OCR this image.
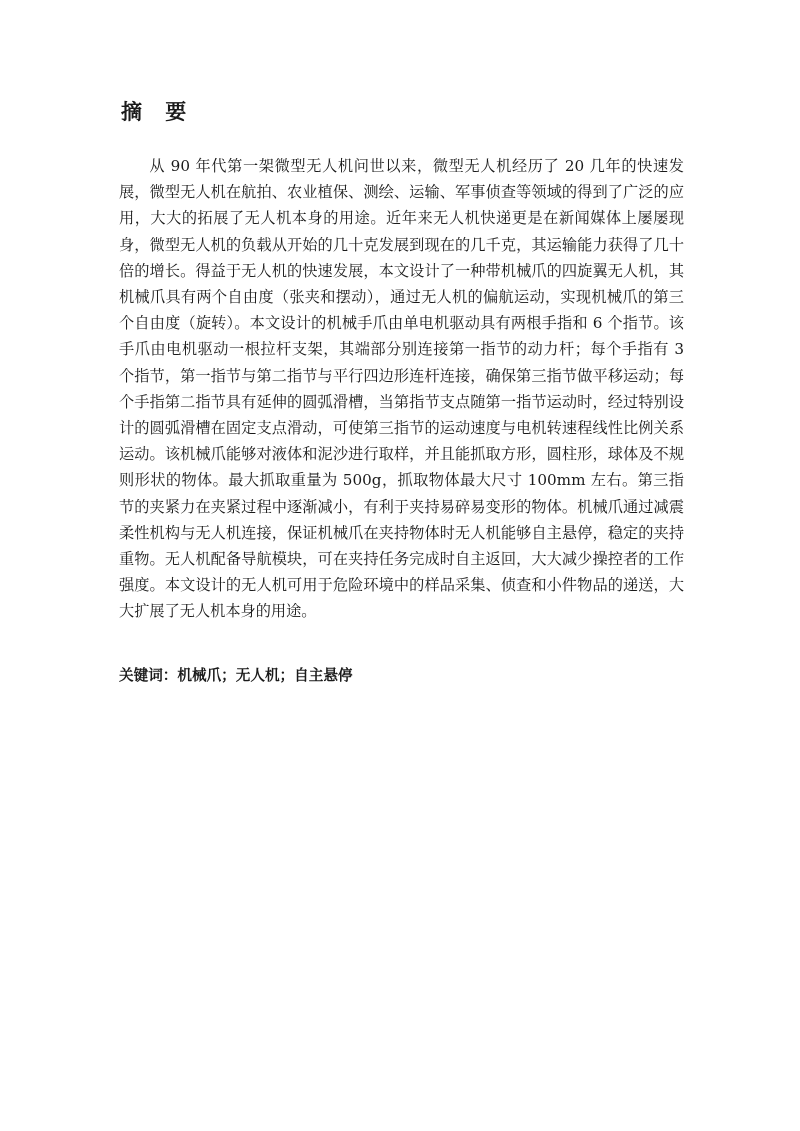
摘 要

从 90 年代第一架微型无人机问世以来，微型无人机经历了 20 几年的快速发展，微型无人机在航拍、农业植保、测绘、运输、军事侦查等领域的得到了广泛的应用，大大的拓展了无人机本身的用途。近年来无人机快递更是在新闻媒体上屡屡现身，微型无人机的负载从开始的几十克发展到现在的几千克，其运输能力获得了几十倍的增长。得益于无人机的快速发展，本文设计了一种带机械爪的四旋翼无人机，其机械爪具有两个自由度（张夹和摆动），通过无人机的偏航运动，实现机械爪的第三个自由度（旋转）。本文设计的机械手爪由单电机驱动具有两根手指和 6 个指节。该手爪由电机驱动一根拉杆支架，其端部分别连接第一指节的动力杆；每个手指有 3 个指节，第一指节与第二指节与平行四边形连杆连接，确保第三指节做平移运动；每个手指第二指节具有延伸的圆弧滑槽，当第指节支点随第一指节运动时，经过特别设计的圆弧滑槽在固定支点滑动，可使第三指节的运动速度与电机转速程线性比例关系运动。该机械爪能够对液体和泥沙进行取样，并且能抓取方形，圆柱形，球体及不规则形状的物体。最大抓取重量为 500g，抓取物体最大尺寸 100mm 左右。第三指节的夹紧力在夹紧过程中逐渐减小，有利于夹持易碎易变形的物体。机械爪通过减震柔性机构与无人机连接，保证机械爪在夹持物体时无人机能够自主悬停，稳定的夹持重物。无人机配备导航模块，可在夹持任务完成时自主返回，大大减少操控者的工作强度。本文设计的无人机可用于危险环境中的样品采集、侦查和小件物品的递送，大大扩展了无人机本身的用途。

关键词：机械爪；无人机；自主悬停
